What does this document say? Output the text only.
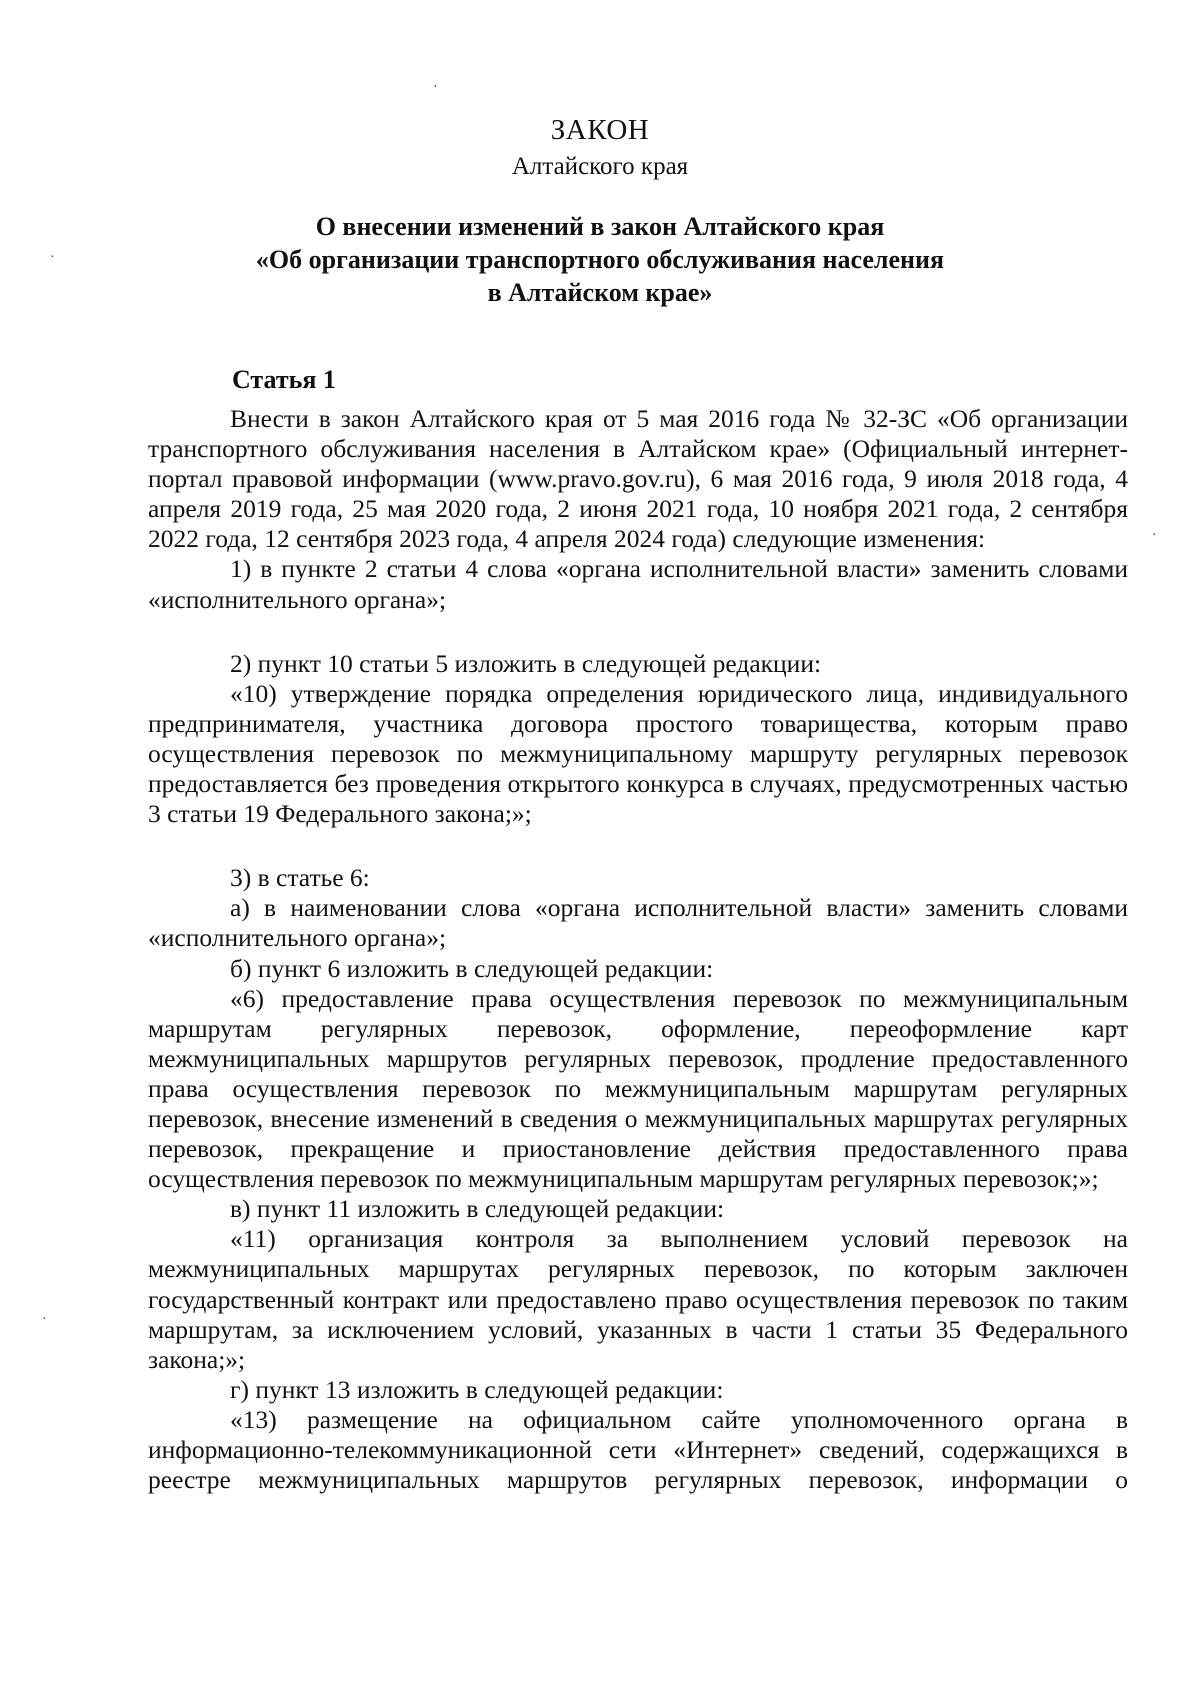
·
·
·
·
ЗАКОН
Алтайского края
О внесении изменений в закон Алтайского края
«Об организации транспортного обслуживания населения
в Алтайском крае»
Статья 1

Внести в закон Алтайского края от 5 мая 2016 года № 32-ЗС «Об организации транспортного обслуживания населения в Алтайском крае» (Официальный интернет-портал правовой информации (www.pravo.gov.ru), 6 мая 2016 года, 9 июля 2018 года, 4 апреля 2019 года, 25 мая 2020 года, 2 июня 2021 года, 10 ноября 2021 года, 2 сентября 2022 года, 12 сентября 2023 года, 4 апреля 2024 года) следующие изменения:

1) в пункте 2 статьи 4 слова «органа исполнительной власти» заменить словами «исполнительного органа»;

2) пункт 10 статьи 5 изложить в следующей редакции:

«10) утверждение порядка определения юридического лица, индивидуального предпринимателя, участника договора простого товарищества, которым право осуществления перевозок по межмуниципальному маршруту регулярных перевозок предоставляется без проведения открытого конкурса в случаях, предусмотренных частью 3 статьи 19 Федерального закона;»;

3) в статье 6:

а) в наименовании слова «органа исполнительной власти» заменить словами «исполнительного органа»;

б) пункт 6 изложить в следующей редакции:

«6) предоставление права осуществления перевозок по межмуниципальным маршрутам регулярных перевозок, оформление, переоформление карт межмуниципальных маршрутов регулярных перевозок, продление предоставленного права осуществления перевозок по межмуниципальным маршрутам регулярных перевозок, внесение изменений в сведения о межмуниципальных маршрутах регулярных перевозок, прекращение и приостановление действия предоставленного права осуществления перевозок по межмуниципальным маршрутам регулярных перевозок;»;

в) пункт 11 изложить в следующей редакции:

«11) организация контроля за выполнением условий перевозок на межмуниципальных маршрутах регулярных перевозок, по которым заключен государственный контракт или предоставлено право осуществления перевозок по таким маршрутам, за исключением условий, указанных в части 1 статьи 35 Федерального закона;»;

г) пункт 13 изложить в следующей редакции:

«13) размещение на официальном сайте уполномоченного органа в информационно-телекоммуникационной сети «Интернет» сведений, содержащихся в реестре межмуниципальных маршрутов регулярных перевозок, информации о
